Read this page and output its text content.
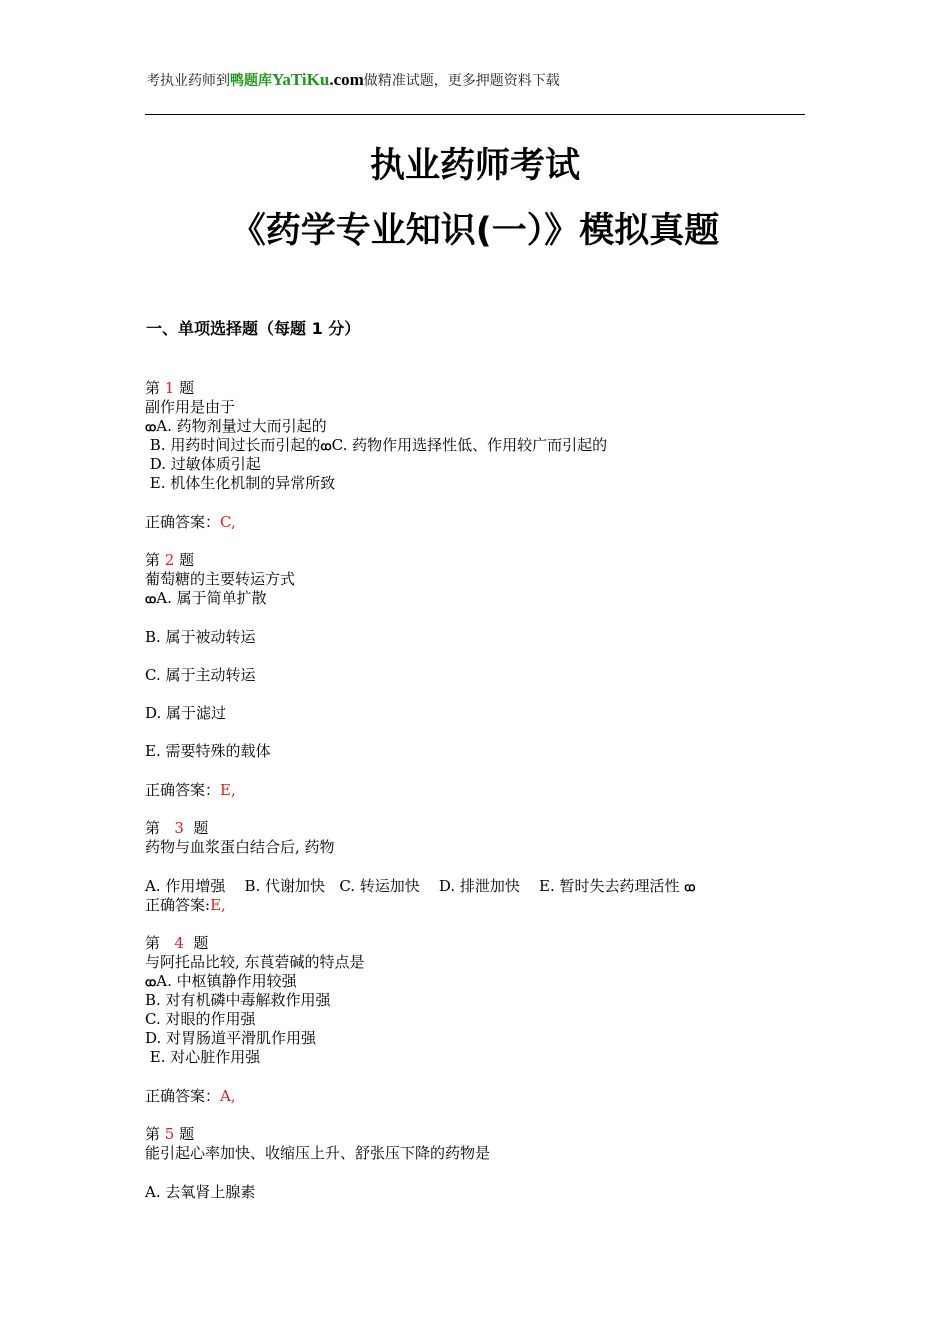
考执业药师到鸭题库YaTiKu.com做精准试题，更多押题资料下载
执业药师考试
《药学专业知识(一）》模拟真题
一、单项选择题（每题 1 分）
第 1 题
副作用是由于
ꭃA. 药物剂量过大而引起的
B. 用药时间过长而引起的ꭃC. 药物作用选择性低、作用较广而引起的
D. 过敏体质引起
E. 机体生化机制的异常所致
正确答案：C,
第 2 题
葡萄糖的主要转运方式
ꭃA. 属于简单扩散
B. 属于被动转运
C. 属于主动转运
D. 属于滤过
E. 需要特殊的载体
正确答案：E,
第 3 题
药物与血浆蛋白结合后, 药物
A. 作用增强 B. 代谢加快 C. 转运加快 D. 排泄加快 E. 暂时失去药理活性 ꭃ
正确答案:E,
第 4 题
与阿托品比较, 东莨菪碱的特点是
ꭃA. 中枢镇静作用较强
B. 对有机磷中毒解救作用强
C. 对眼的作用强
D. 对胃肠道平滑肌作用强
E. 对心脏作用强
正确答案：A,
第 5 题
能引起心率加快、收缩压上升、舒张压下降的药物是
A. 去氧肾上腺素
